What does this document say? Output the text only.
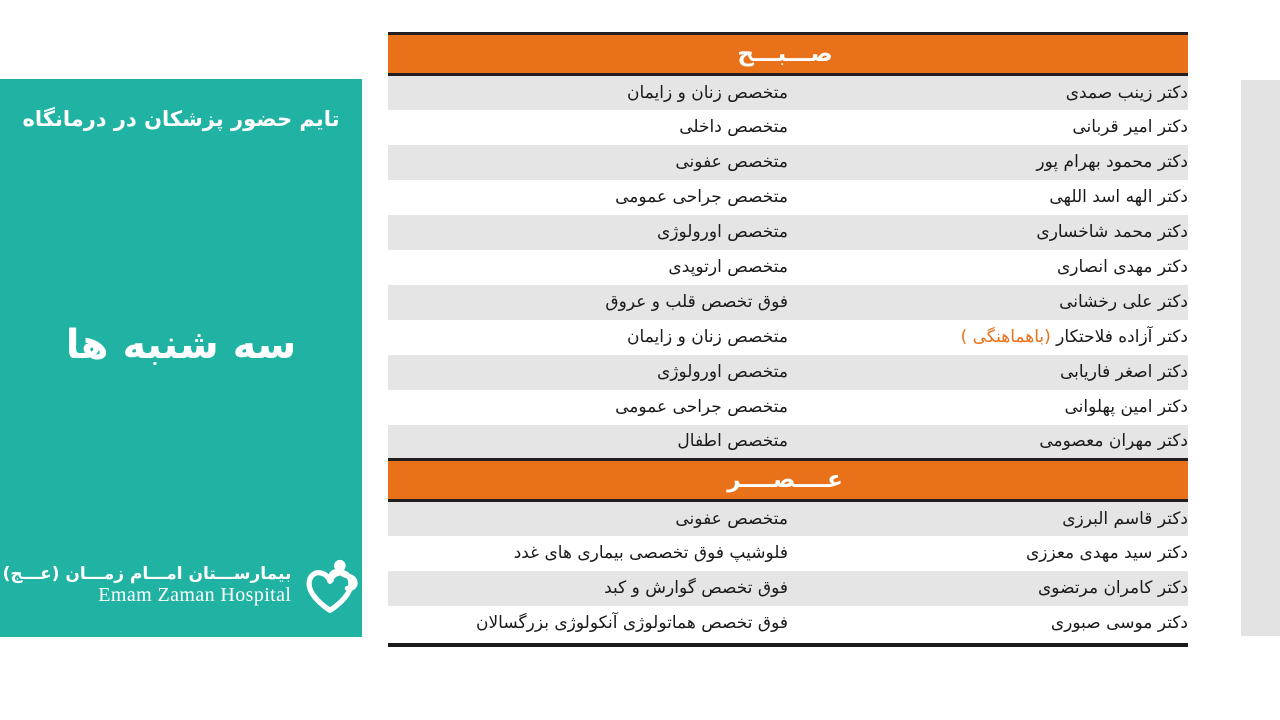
تایم حضور پزشکان در درمانگاه
سه شنبه ها
بیمارســـتان امـــام زمـــان (عـــج)
Emam Zaman Hospital
صـــبـــح	

دکتر زینب صمدی	متخصص زنان و زایمان
دکتر امیر قربانی	متخصص داخلی
دکتر محمود بهرام پور	متخصص عفونی
دکتر الهه اسد اللهی	متخصص جراحی عمومی
دکتر محمد شاخساری	متخصص اورولوژی
دکتر مهدی انصاری	متخصص ارتوپدی
دکتر علی رخشانی	فوق تخصص قلب و عروق
دکتر آزاده فلاحتکار (باهماهنگی )	متخصص زنان و زایمان
دکتر اصغر فاریابی	متخصص اورولوژی
دکتر امین پهلوانی	متخصص جراحی عمومی
دکتر مهران معصومی	متخصص اطفال

عــــصــــر	

دکتر قاسم البرزی	متخصص عفونی
دکتر سید مهدی معززی	فلوشیپ فوق تخصصی بیماری های غدد
دکتر کامران مرتضوی	فوق تخصص گوارش و کبد
دکتر موسی صبوری	فوق تخصص هماتولوژی آنکولوژی بزرگسالان
